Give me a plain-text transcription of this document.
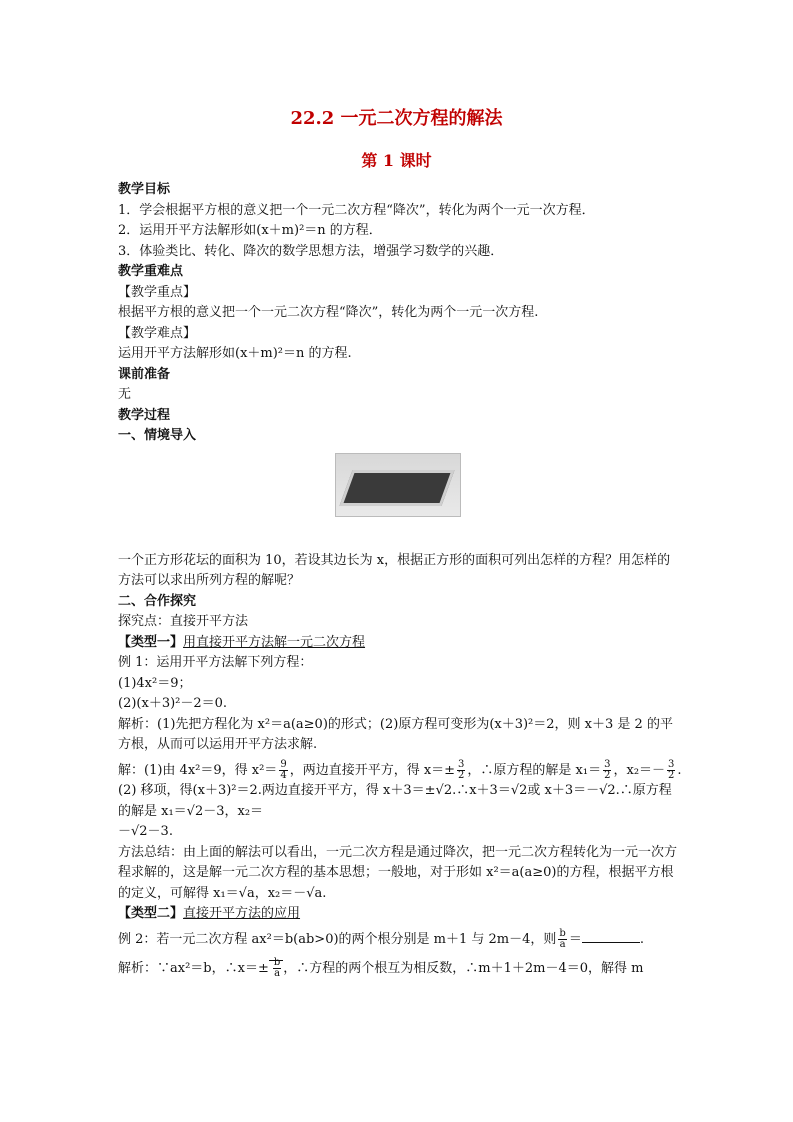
22.2 一元二次方程的解法
第 1 课时
教学目标
1．学会根据平方根的意义把一个一元二次方程“降次”，转化为两个一元一次方程．
2．运用开平方法解形如(x＋m)²＝n 的方程．
3．体验类比、转化、降次的数学思想方法，增强学习数学的兴趣．
教学重难点
【教学重点】
根据平方根的意义把一个一元二次方程“降次”，转化为两个一元一次方程.
【教学难点】
运用开平方法解形如(x＋m)²＝n 的方程.
课前准备
无
教学过程
一、情境导入
一个正方形花坛的面积为 10，若设其边长为 x，根据正方形的面积可列出怎样的方程？用怎样的方法可以求出所列方程的解呢？
二、合作探究
探究点：直接开平方法
【类型一】用直接开平方法解一元二次方程
例 1：运用开平方法解下列方程：
(1)4x²＝9；
(2)(x＋3)²－2＝0.
解析：(1)先把方程化为 x²＝a(a≥0)的形式；(2)原方程可变形为(x＋3)²＝2，则 x＋3 是 2 的平方根，从而可以运用开平方法求解.
解：(1)由 4x²＝9，得 $x^2= \frac{9}{4}$ ，两边直接开平方，得 $x=\pm \frac{3}{2}$ ，∴原方程的解是 $x_1= \frac{3}{2}$ ，$x_2=- \frac{3}{2}$ .
(2) 移项，得(x＋3)²＝2.两边直接开平方，得 x＋3＝±√2.∴x＋3＝√2或 x＋3＝－√2.∴原方程的解是 x₁＝√2－3，x₂＝
－√2－3.
方法总结：由上面的解法可以看出，一元二次方程是通过降次，把一元二次方程转化为一元一次方程求解的，这是解一元二次方程的基本思想；一般地，对于形如 x²＝a(a≥0)的方程，根据平方根的定义，可解得 x₁＝√a，x₂＝－√a.
【类型二】直接开平方法的应用
例 2：若一元二次方程 ax²＝b(ab>0)的两个根分别是 m＋1 与 2m－4，则 $\frac{b}{a}$ ＝	.
解析：∵ax²＝b，∴x＝± $\frac{b}{a}$ ，∴方程的两个根互为相反数，∴m＋1＋2m－4＝0，解得 m
